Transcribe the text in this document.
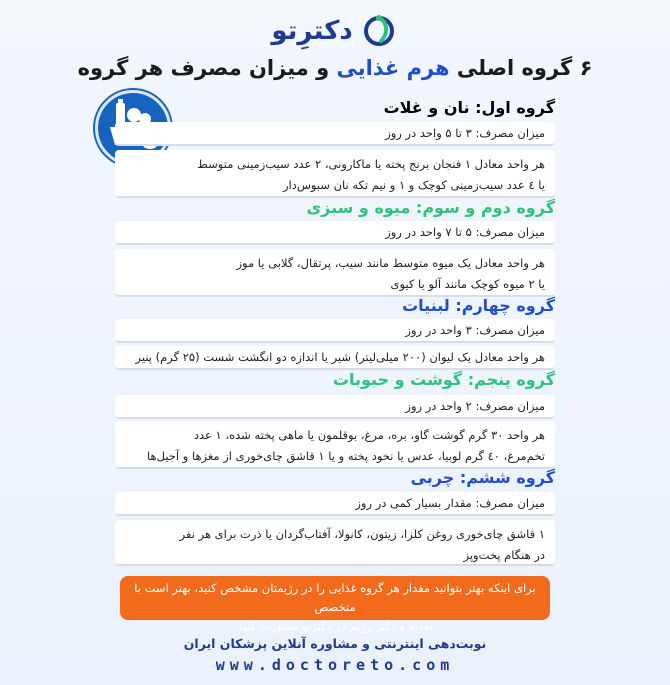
دکترِتو
۶ گروه اصلی هرم غذایی و میزان مصرف هر گروه
گروه اول: نان و غلات
میزان مصرف: ۳ تا ۵ واحد در روز
هر واحد معادل ۱ فنجان برنج پخته یا ماکارونی، ۲ عدد سیب‌زمینی متوسط
یا ٤ عدد سیب‌زمینی کوچک و ۱ و نیم تکه نان سبوس‌دار
گروه دوم و سوم: میوه و سبزی
میزان مصرف: ۵ تا ۷ واحد در روز
هر واحد معادل یک میوه متوسط مانند سیب، پرتقال، گلابی یا موز
یا ۲ میوه کوچک مانند آلو یا کیوی
گروه چهارم: لبنیات
میزان مصرف: ۳ واحد در روز
هر واحد معادل یک لیوان (۲۰۰ میلی‌لیتر) شیر یا اندازه دو انگشت شست (۲۵ گرم) پنیر
گروه پنجم: گوشت و حبوبات
میزان مصرف: ۲ واحد در روز
هر واحد ۳۰ گرم گوشت گاو، بره، مرغ، بوقلمون یا ماهی پخته شده، ۱ عدد
تخم‌مرغ، ٤۰ گرم لوبیا، عدس یا نخود پخته و یا ۱ قاشق چای‌خوری از مغزها و آجیل‌ها
گروه ششم: چربی
میزان مصرف: مقدار بسیار کمی در روز
۱ قاشق چای‌خوری روغن کلزا، زیتون، کانولا، آفتاب‌گردان یا ذرت برای هر نفر
در هنگام پخت‌وپز
برای اینکه بهتر بتوانید مقدار هر گروه غذایی را در رژیمتان مشخص کنید، بهتر است با متخصص
تغذیه و دکتر رژیم در دکترتو مشورت کنید
نوبت‌دهی اینترنتی و مشاوره آنلاین پزشکان ایران
www.doctoreto.com
